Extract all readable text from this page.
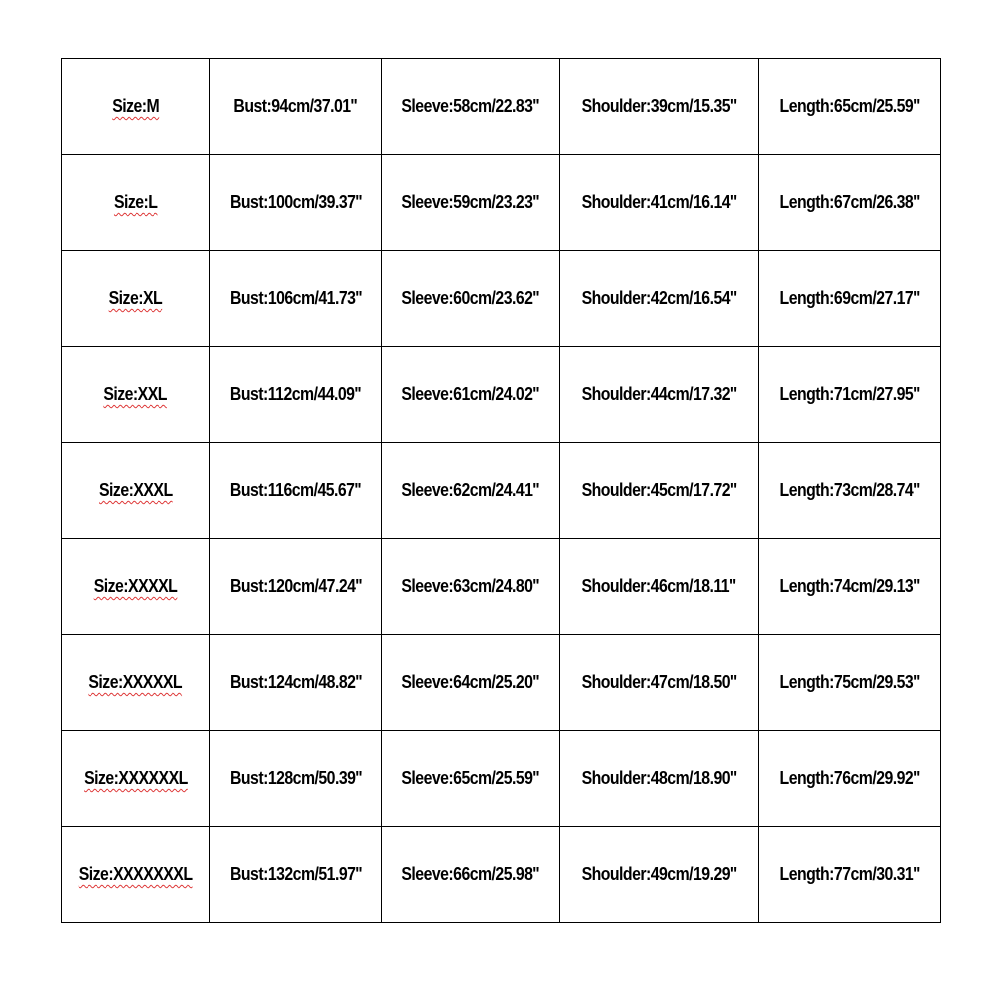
Size:M	Bust:94cm/37.01''	Sleeve:58cm/22.83''	Shoulder:39cm/15.35''	Length:65cm/25.59''
Size:L	Bust:100cm/39.37''	Sleeve:59cm/23.23''	Shoulder:41cm/16.14''	Length:67cm/26.38''
Size:XL	Bust:106cm/41.73''	Sleeve:60cm/23.62''	Shoulder:42cm/16.54''	Length:69cm/27.17''
Size:XXL	Bust:112cm/44.09''	Sleeve:61cm/24.02''	Shoulder:44cm/17.32''	Length:71cm/27.95''
Size:XXXL	Bust:116cm/45.67''	Sleeve:62cm/24.41''	Shoulder:45cm/17.72''	Length:73cm/28.74''
Size:XXXXL	Bust:120cm/47.24''	Sleeve:63cm/24.80''	Shoulder:46cm/18.11''	Length:74cm/29.13''
Size:XXXXXL	Bust:124cm/48.82''	Sleeve:64cm/25.20''	Shoulder:47cm/18.50''	Length:75cm/29.53''
Size:XXXXXXL	Bust:128cm/50.39''	Sleeve:65cm/25.59''	Shoulder:48cm/18.90''	Length:76cm/29.92''
Size:XXXXXXXL	Bust:132cm/51.97''	Sleeve:66cm/25.98''	Shoulder:49cm/19.29''	Length:77cm/30.31''
